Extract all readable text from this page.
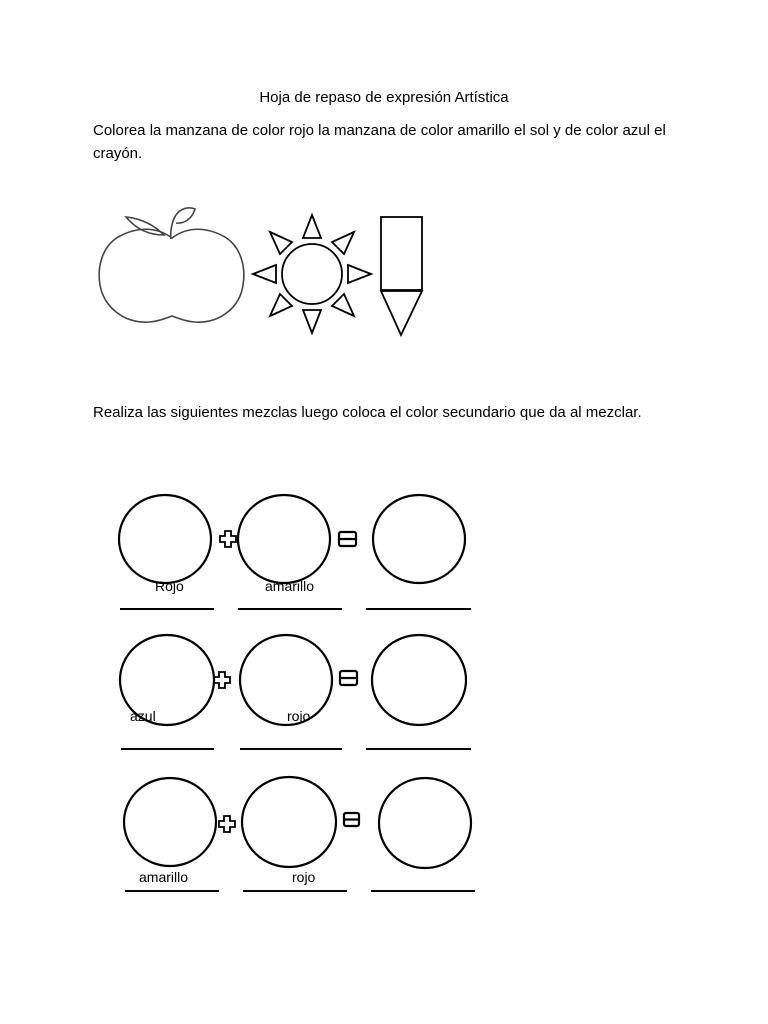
Hoja de repaso de expresión Artística

Colorea la manzana de color rojo la manzana de color amarillo el sol y de color azul el crayón.

Realiza las siguientes mezclas luego coloca el color secundario que da al mezclar.

Rojo	amarillo
azul	rojo
amarillo	rojo
